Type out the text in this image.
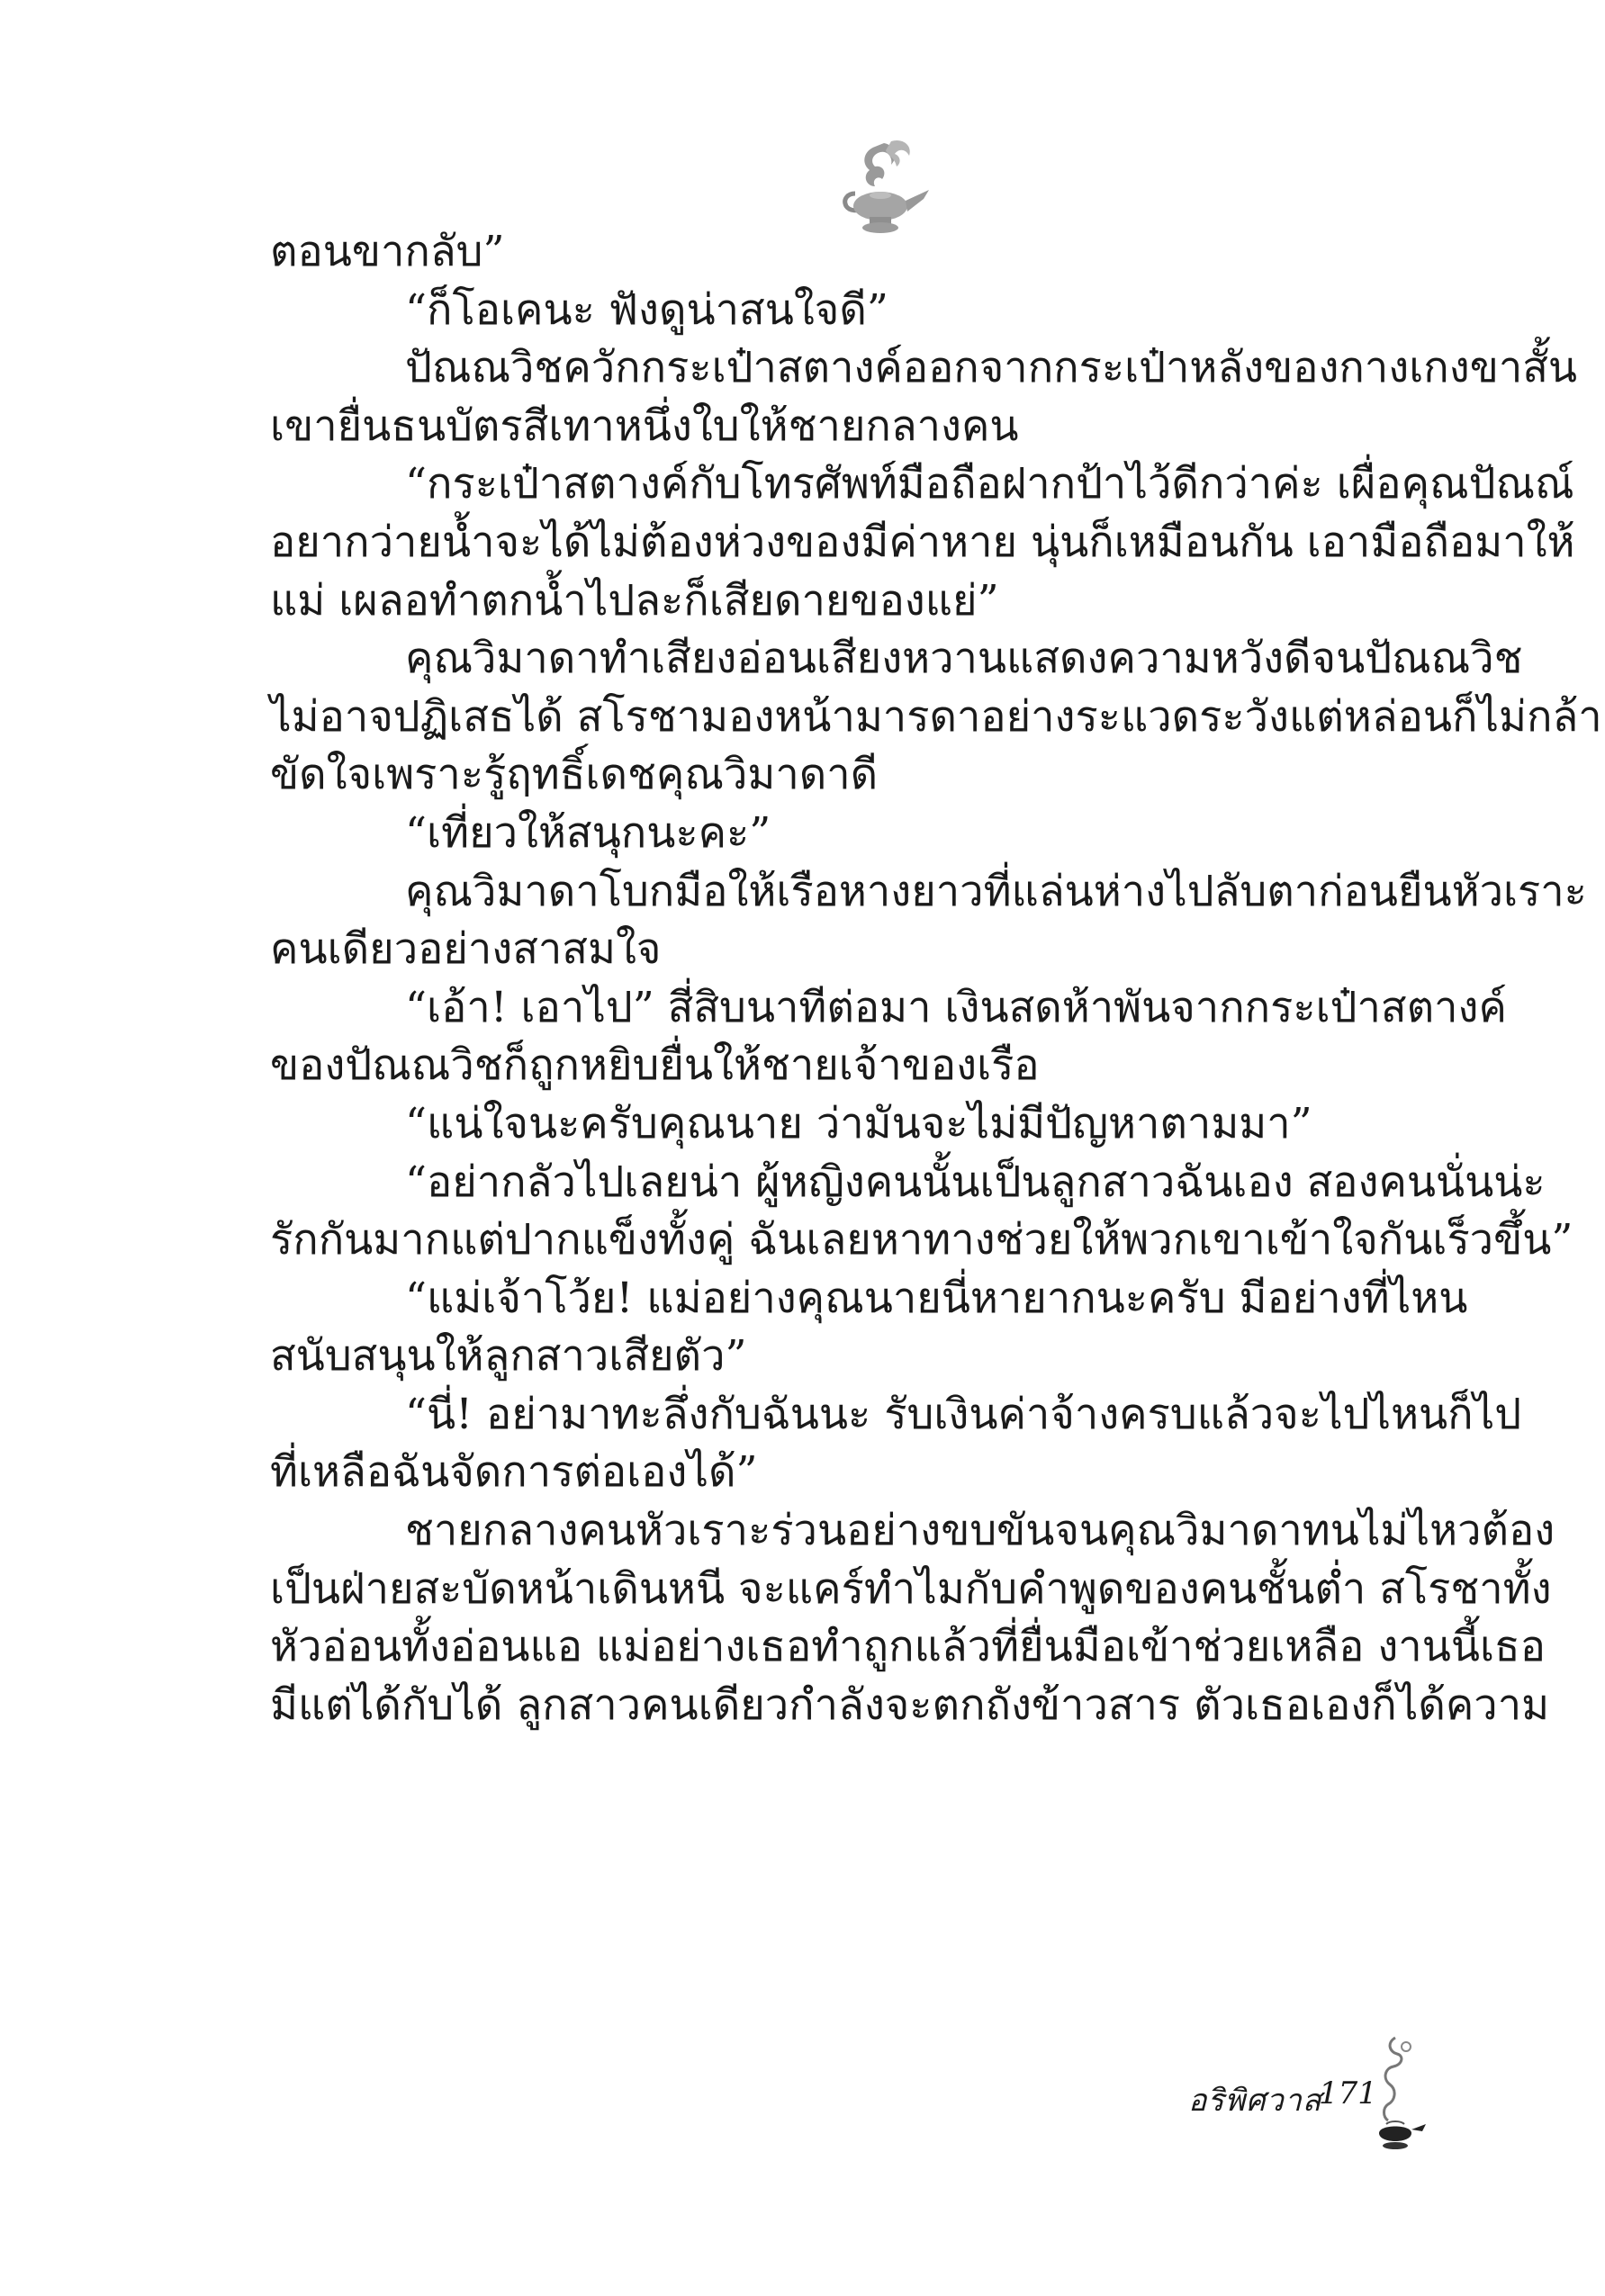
ตอนขากลับ”
“ก็โอเคนะ ฟังดูน่าสนใจดี”
ปัณณวิชควักกระเป๋าสตางค์ออกจากกระเป๋าหลังของกางเกงขาสั้น
เขายื่นธนบัตรสีเทาหนึ่งใบให้ชายกลางคน
“กระเป๋าสตางค์กับโทรศัพท์มือถือฝากป้าไว้ดีกว่าค่ะ เผื่อคุณปัณณ์
อยากว่ายน้ำจะได้ไม่ต้องห่วงของมีค่าหาย นุ่นก็เหมือนกัน เอามือถือมาให้
แม่ เผลอทำตกน้ำไปละก็เสียดายของแย่”
คุณวิมาดาทำเสียงอ่อนเสียงหวานแสดงความหวังดีจนปัณณวิช
ไม่อาจปฏิเสธได้ สโรชามองหน้ามารดาอย่างระแวดระวังแต่หล่อนก็ไม่กล้า
ขัดใจเพราะรู้ฤทธิ์เดชคุณวิมาดาดี
“เที่ยวให้สนุกนะคะ”
คุณวิมาดาโบกมือให้เรือหางยาวที่แล่นห่างไปลับตาก่อนยืนหัวเราะ
คนเดียวอย่างสาสมใจ
“เอ้า! เอาไป” สี่สิบนาทีต่อมา เงินสดห้าพันจากกระเป๋าสตางค์
ของปัณณวิชก็ถูกหยิบยื่นให้ชายเจ้าของเรือ
“แน่ใจนะครับคุณนาย ว่ามันจะไม่มีปัญหาตามมา”
“อย่ากลัวไปเลยน่า ผู้หญิงคนนั้นเป็นลูกสาวฉันเอง สองคนนั่นน่ะ
รักกันมากแต่ปากแข็งทั้งคู่ ฉันเลยหาทางช่วยให้พวกเขาเข้าใจกันเร็วขึ้น”
“แม่เจ้าโว้ย! แม่อย่างคุณนายนี่หายากนะครับ มีอย่างที่ไหน
สนับสนุนให้ลูกสาวเสียตัว”
“นี่! อย่ามาทะลึ่งกับฉันนะ รับเงินค่าจ้างครบแล้วจะไปไหนก็ไป
ที่เหลือฉันจัดการต่อเองได้”
ชายกลางคนหัวเราะร่วนอย่างขบขันจนคุณวิมาดาทนไม่ไหวต้อง
เป็นฝ่ายสะบัดหน้าเดินหนี จะแคร์ทำไมกับคำพูดของคนชั้นต่ำ สโรชาทั้ง
หัวอ่อนทั้งอ่อนแอ แม่อย่างเธอทำถูกแล้วที่ยื่นมือเข้าช่วยเหลือ งานนี้เธอ
มีแต่ได้กับได้ ลูกสาวคนเดียวกำลังจะตกถังข้าวสาร ตัวเธอเองก็ได้ความ
อริพิศวาส
171
